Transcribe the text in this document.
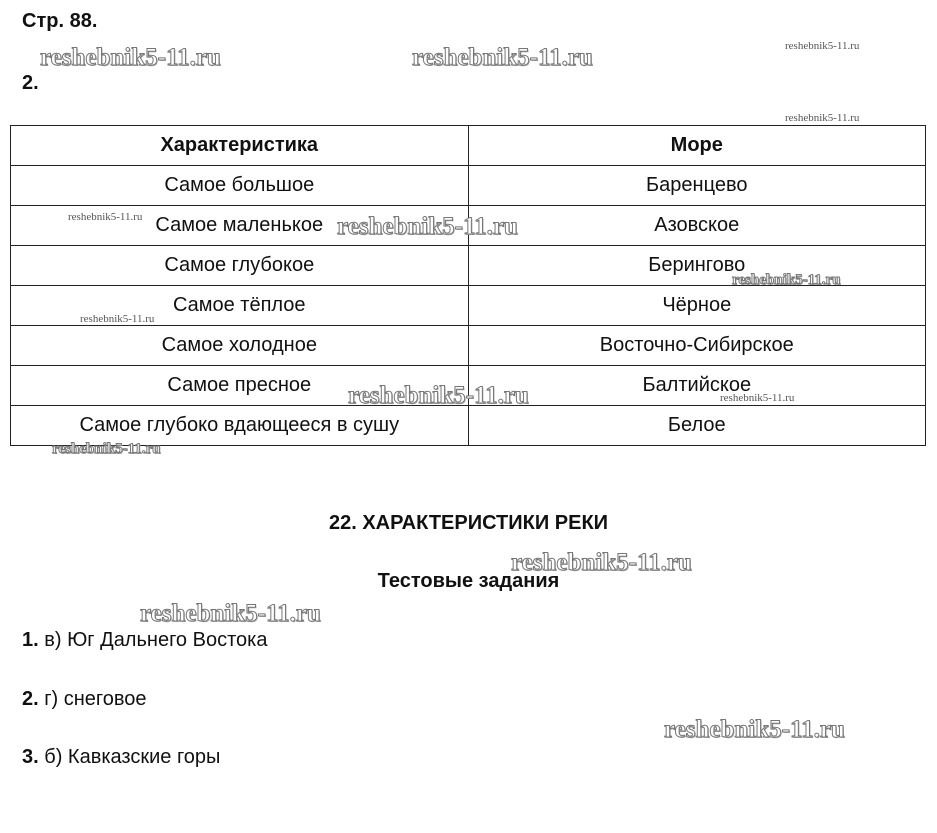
Стр. 88.
2.
Характеристика	Море
Самое большое	Баренцево
Самое маленькое	Азовское
Самое глубокое	Берингово
Самое тёплое	Чёрное
Самое холодное	Восточно-Сибирское
Самое пресное	Балтийское
Самое глубоко вдающееся в сушу	Белое
22. ХАРАКТЕРИСТИКИ РЕКИ
Тестовые задания
1. в) Юг Дальнего Востока
2. г) снеговое
3. б) Кавказские горы
reshebnik5-11.ru	reshebnik5-11.ru	reshebnik5-11.ru
reshebnik5-11.ru
reshebnik5-11.ru	reshebnik5-11.ru
reshebnik5-11.ru
reshebnik5-11.ru
reshebnik5-11.ru	reshebnik5-11.ru
reshebnik5-11.ru
reshebnik5-11.ru
reshebnik5-11.ru
reshebnik5-11.ru
